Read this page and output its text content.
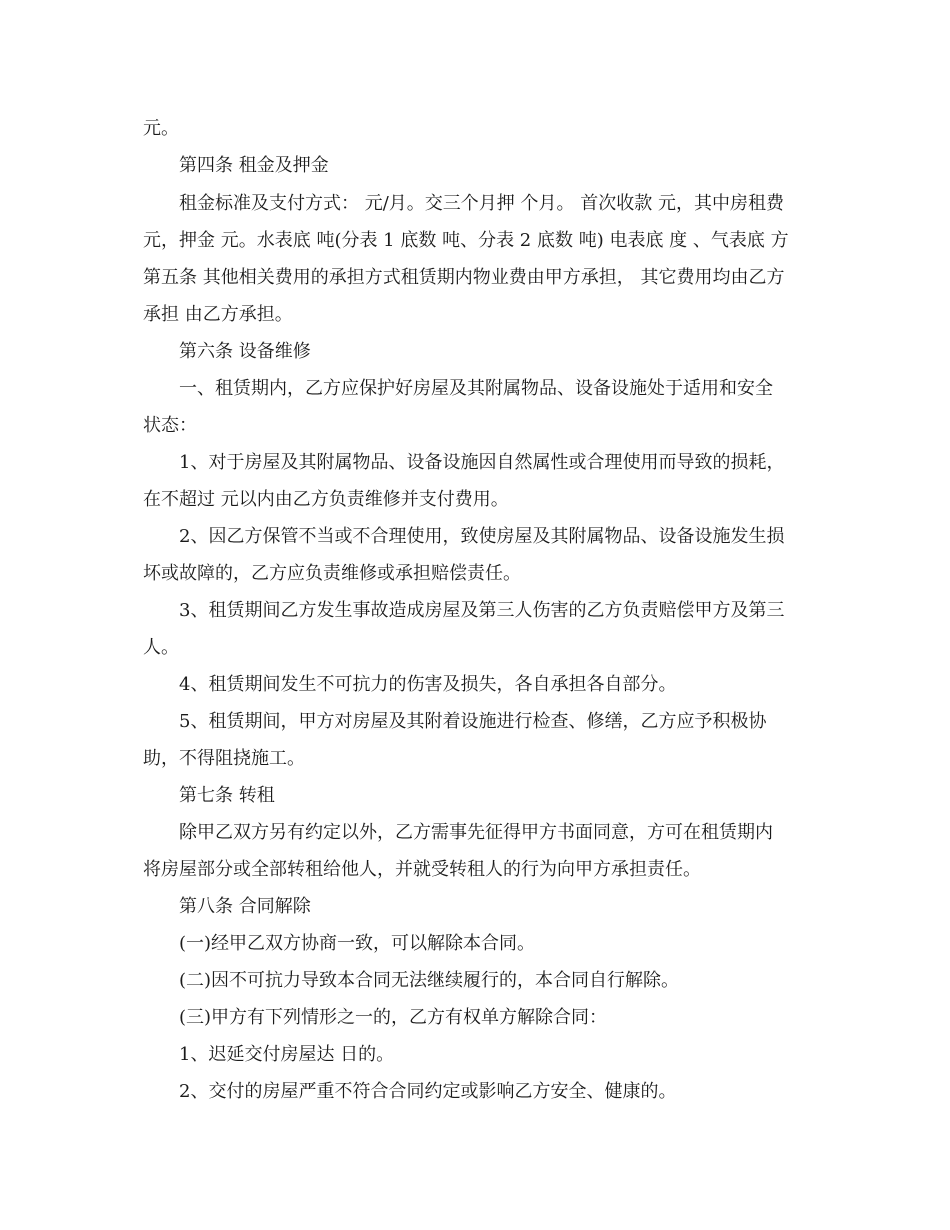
元。

第四条 租金及押金

租金标准及支付方式： 元/月。交三个月押 个月。 首次收款 元，其中房租费

元，押金 元。水表底 吨(分表 1 底数 吨、分表 2 底数 吨) 电表底 度 、气表底 方

第五条 其他相关费用的承担方式租赁期内物业费由甲方承担， 其它费用均由乙方

承担 由乙方承担。

第六条 设备维修

一、租赁期内，乙方应保护好房屋及其附属物品、设备设施处于适用和安全

状态：

1、对于房屋及其附属物品、设备设施因自然属性或合理使用而导致的损耗，

在不超过 元以内由乙方负责维修并支付费用。

2、因乙方保管不当或不合理使用，致使房屋及其附属物品、设备设施发生损

坏或故障的，乙方应负责维修或承担赔偿责任。

3、租赁期间乙方发生事故造成房屋及第三人伤害的乙方负责赔偿甲方及第三

人。

4、租赁期间发生不可抗力的伤害及损失，各自承担各自部分。

5、租赁期间，甲方对房屋及其附着设施进行检查、修缮，乙方应予积极协

助，不得阻挠施工。

第七条 转租

除甲乙双方另有约定以外，乙方需事先征得甲方书面同意，方可在租赁期内

将房屋部分或全部转租给他人，并就受转租人的行为向甲方承担责任。

第八条 合同解除

(一)经甲乙双方协商一致，可以解除本合同。

(二)因不可抗力导致本合同无法继续履行的，本合同自行解除。

(三)甲方有下列情形之一的，乙方有权单方解除合同：

1、迟延交付房屋达 日的。

2、交付的房屋严重不符合合同约定或影响乙方安全、健康的。
